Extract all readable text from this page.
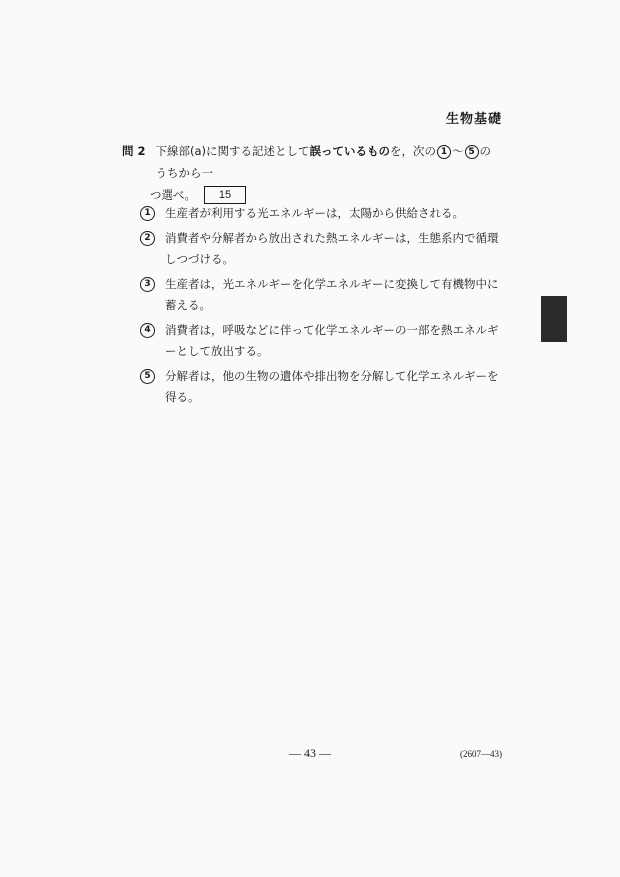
生物基礎
問 2 下線部(a)に関する記述として誤っているものを，次の 1 ～ 5 のうちから一
つ選べ。	15
1	生産者が利用する光エネルギーは，太陽から供給される。
2	消費者や分解者から放出された熱エネルギーは，生態系内で循環しつづける。
3	生産者は，光エネルギーを化学エネルギーに変換して有機物中に蓄える。
4	消費者は，呼吸などに伴って化学エネルギーの一部を熱エネルギーとして放出する。
5	分解者は，他の生物の遺体や排出物を分解して化学エネルギーを得る。
— 43 —	(2607—43)
